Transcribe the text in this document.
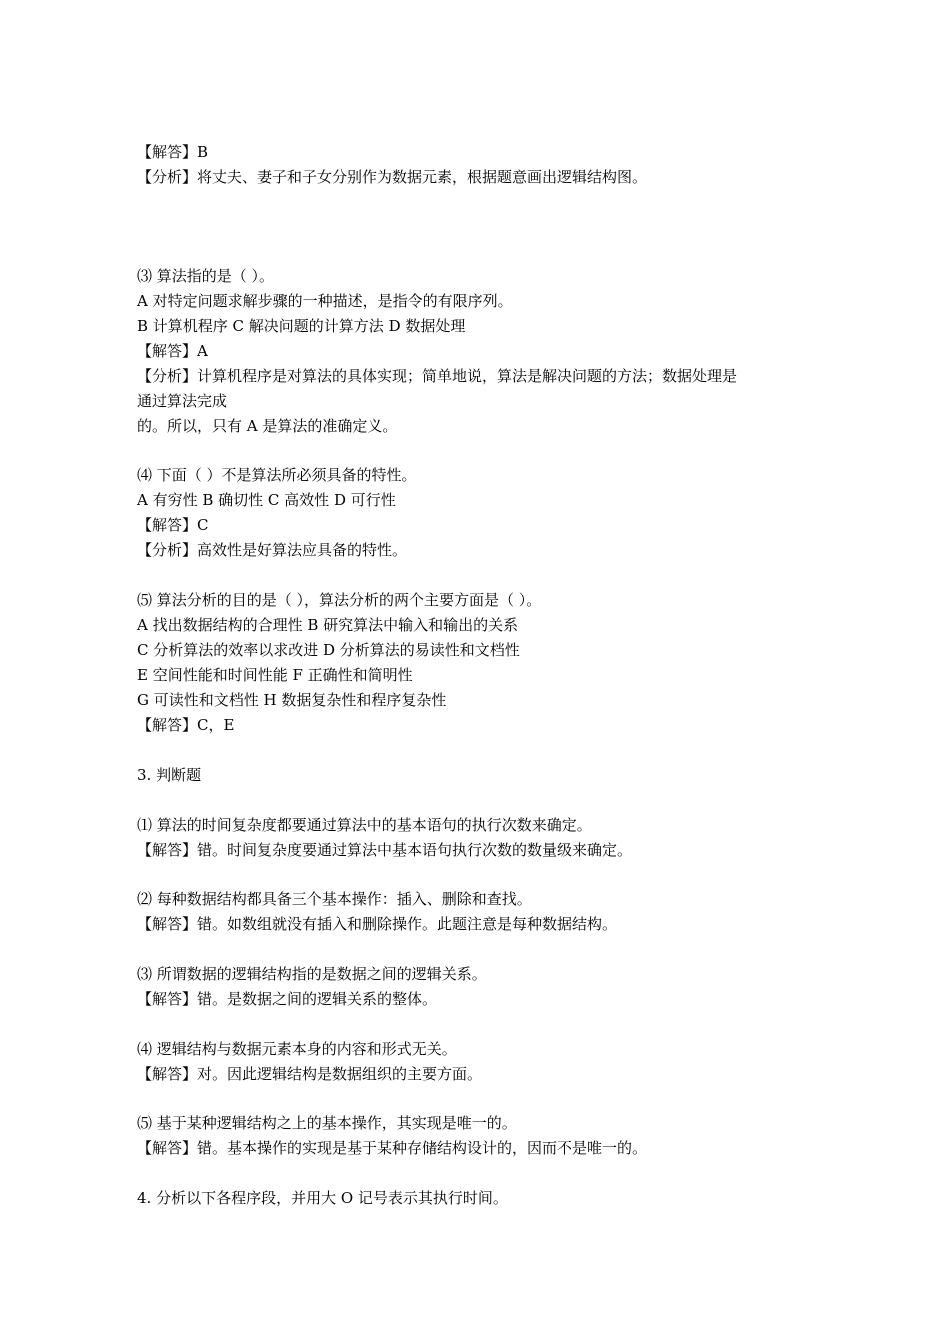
【解答】B
【分析】将丈夫、妻子和子女分别作为数据元素，根据题意画出逻辑结构图。
⑶ 算法指的是（ ）。
A 对特定问题求解步骤的一种描述，是指令的有限序列。
B 计算机程序 C 解决问题的计算方法 D 数据处理
【解答】A
【分析】计算机程序是对算法的具体实现；简单地说，算法是解决问题的方法；数据处理是
通过算法完成
的。所以，只有 A 是算法的准确定义。
⑷ 下面（ ）不是算法所必须具备的特性。
A 有穷性 B 确切性 C 高效性 D 可行性
【解答】C
【分析】高效性是好算法应具备的特性。
⑸ 算法分析的目的是（ ），算法分析的两个主要方面是（ ）。
A 找出数据结构的合理性 B 研究算法中输入和输出的关系
C 分析算法的效率以求改进 D 分析算法的易读性和文档性
E 空间性能和时间性能 F 正确性和简明性
G 可读性和文档性 H 数据复杂性和程序复杂性
【解答】C，E
3. 判断题
⑴ 算法的时间复杂度都要通过算法中的基本语句的执行次数来确定。
【解答】错。时间复杂度要通过算法中基本语句执行次数的数量级来确定。
⑵ 每种数据结构都具备三个基本操作：插入、删除和查找。
【解答】错。如数组就没有插入和删除操作。此题注意是每种数据结构。
⑶ 所谓数据的逻辑结构指的是数据之间的逻辑关系。
【解答】错。是数据之间的逻辑关系的整体。
⑷ 逻辑结构与数据元素本身的内容和形式无关。
【解答】对。因此逻辑结构是数据组织的主要方面。
⑸ 基于某种逻辑结构之上的基本操作，其实现是唯一的。
【解答】错。基本操作的实现是基于某种存储结构设计的，因而不是唯一的。
4. 分析以下各程序段，并用大 O 记号表示其执行时间。
